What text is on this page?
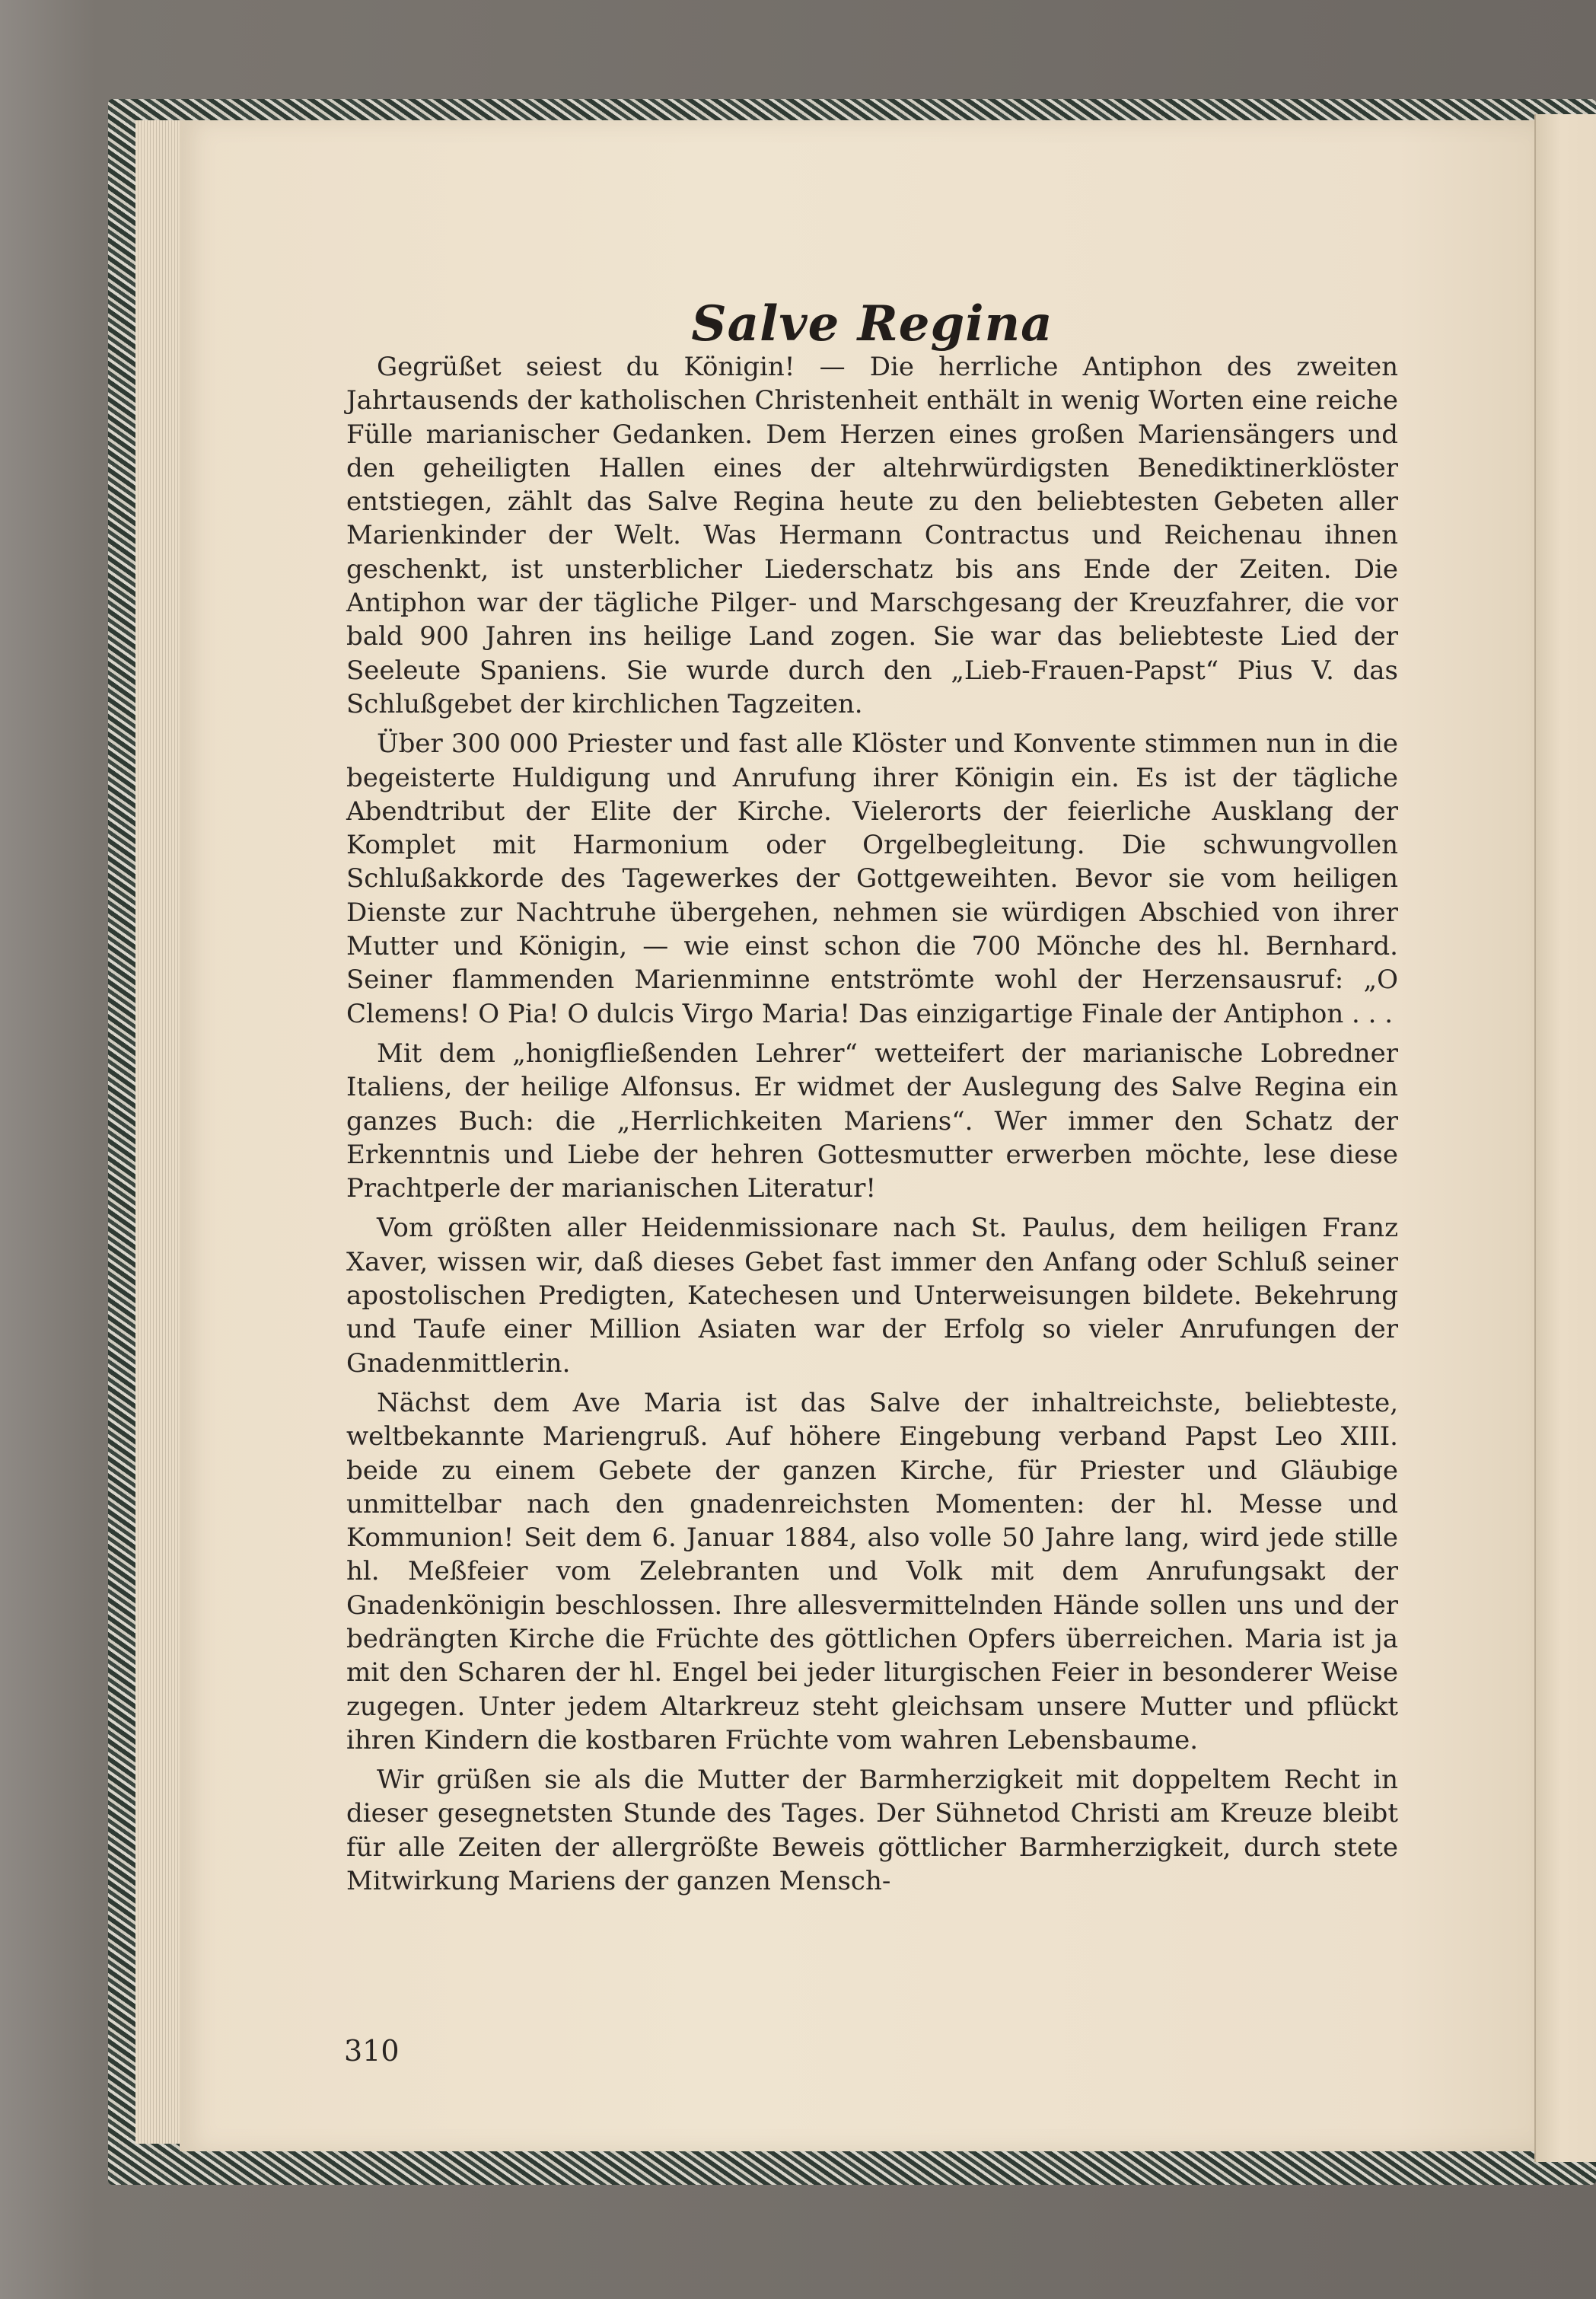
Salve Regina

Gegrüßet seiest du Königin! — Die herrliche Antiphon des zweiten Jahrtausends der katholischen Christenheit enthält in wenig Worten eine reiche Fülle marianischer Gedanken. Dem Herzen eines großen Mariensängers und den geheiligten Hallen eines der altehrwürdigsten Benediktinerklöster entstiegen, zählt das Salve Regina heute zu den beliebtesten Gebeten aller Marienkinder der Welt. Was Hermann Contractus und Reichenau ihnen geschenkt, ist unsterblicher Liederschatz bis ans Ende der Zeiten. Die Antiphon war der tägliche Pilger- und Marschgesang der Kreuzfahrer, die vor bald 900 Jahren ins heilige Land zogen. Sie war das beliebteste Lied der Seeleute Spaniens. Sie wurde durch den „Lieb-Frauen-Papst“ Pius V. das Schlußgebet der kirchlichen Tagzeiten.

Über 300 000 Priester und fast alle Klöster und Konvente stimmen nun in die begeisterte Huldigung und Anrufung ihrer Königin ein. Es ist der tägliche Abendtribut der Elite der Kirche. Vielerorts der feierliche Ausklang der Komplet mit Harmonium oder Orgelbegleitung. Die schwungvollen Schlußakkorde des Tagewerkes der Gottgeweihten. Bevor sie vom heiligen Dienste zur Nachtruhe übergehen, nehmen sie würdigen Abschied von ihrer Mutter und Königin, — wie einst schon die 700 Mönche des hl. Bernhard. Seiner flammenden Marienminne entströmte wohl der Herzensausruf: „O Clemens! O Pia! O dulcis Virgo Maria! Das einzigartige Finale der Antiphon . . .

Mit dem „honigfließenden Lehrer“ wetteifert der marianische Lobredner Italiens, der heilige Alfonsus. Er widmet der Auslegung des Salve Regina ein ganzes Buch: die „Herrlichkeiten Mariens“. Wer immer den Schatz der Erkenntnis und Liebe der hehren Gottesmutter erwerben möchte, lese diese Prachtperle der marianischen Literatur!

Vom größten aller Heidenmissionare nach St. Paulus, dem heiligen Franz Xaver, wissen wir, daß dieses Gebet fast immer den Anfang oder Schluß seiner apostolischen Predigten, Katechesen und Unterweisungen bildete. Bekehrung und Taufe einer Million Asiaten war der Erfolg so vieler Anrufungen der Gnadenmittlerin.

Nächst dem Ave Maria ist das Salve der inhaltreichste, beliebteste, weltbekannte Mariengruß. Auf höhere Eingebung verband Papst Leo XIII. beide zu einem Gebete der ganzen Kirche, für Priester und Gläubige unmittelbar nach den gnadenreichsten Momenten: der hl. Messe und Kommunion! Seit dem 6. Januar 1884, also volle 50 Jahre lang, wird jede stille hl. Meßfeier vom Zelebranten und Volk mit dem Anrufungsakt der Gnadenkönigin beschlossen. Ihre allesvermittelnden Hände sollen uns und der bedrängten Kirche die Früchte des göttlichen Opfers überreichen. Maria ist ja mit den Scharen der hl. Engel bei jeder liturgischen Feier in besonderer Weise zugegen. Unter jedem Altarkreuz steht gleichsam unsere Mutter und pflückt ihren Kindern die kostbaren Früchte vom wahren Lebensbaume.

Wir grüßen sie als die Mutter der Barmherzigkeit mit doppeltem Recht in dieser gesegnetsten Stunde des Tages. Der Sühnetod Christi am Kreuze bleibt für alle Zeiten der allergrößte Beweis göttlicher Barmherzigkeit, durch stete Mitwirkung Mariens der ganzen Mensch-

310
